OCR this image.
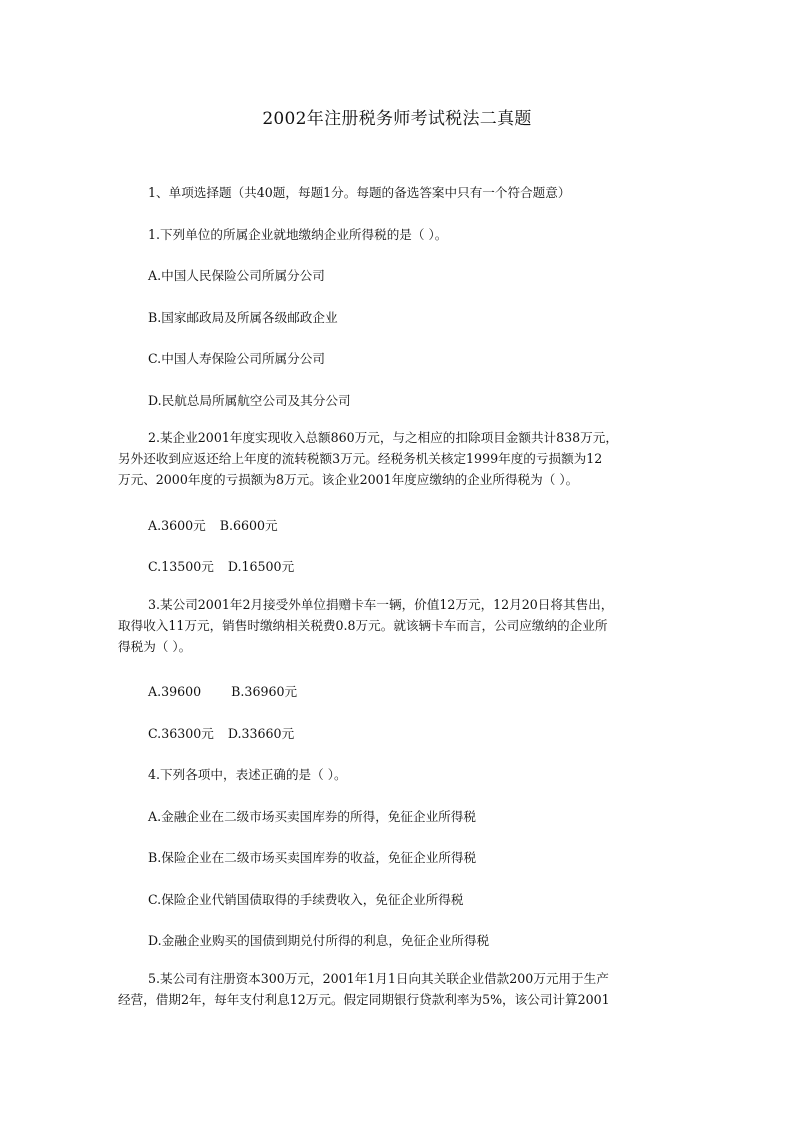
2002年注册税务师考试税法二真题
1、单项选择题（共40题，每题1分。每题的备选答案中只有一个符合题意）
1.下列单位的所属企业就地缴纳企业所得税的是（ ）。
A.中国人民保险公司所属分公司
B.国家邮政局及所属各级邮政企业
C.中国人寿保险公司所属分公司
D.民航总局所属航空公司及其分公司
2.某企业2001年度实现收入总额860万元，与之相应的扣除项目金额共计838万元，
另外还收到应返还给上年度的流转税额3万元。经税务机关核定1999年度的亏损额为12
万元、2000年度的亏损额为8万元。该企业2001年度应缴纳的企业所得税为（ ）。
A.3600元 B.6600元
C.13500元 D.16500元
3.某公司2001年2月接受外单位捐赠卡车一辆，价值12万元，12月20日将其售出，
取得收入11万元，销售时缴纳相关税费0.8万元。就该辆卡车而言，公司应缴纳的企业所
得税为（ ）。
A.39600 B.36960元
C.36300元 D.33660元
4.下列各项中，表述正确的是（ ）。
A.金融企业在二级市场买卖国库券的所得，免征企业所得税
B.保险企业在二级市场买卖国库券的收益，免征企业所得税
C.保险企业代销国债取得的手续费收入，免征企业所得税
D.金融企业购买的国债到期兑付所得的利息，免征企业所得税
5.某公司有注册资本300万元，2001年1月1日向其关联企业借款200万元用于生产
经营，借期2年，每年支付利息12万元。假定同期银行贷款利率为5%，该公司计算2001
